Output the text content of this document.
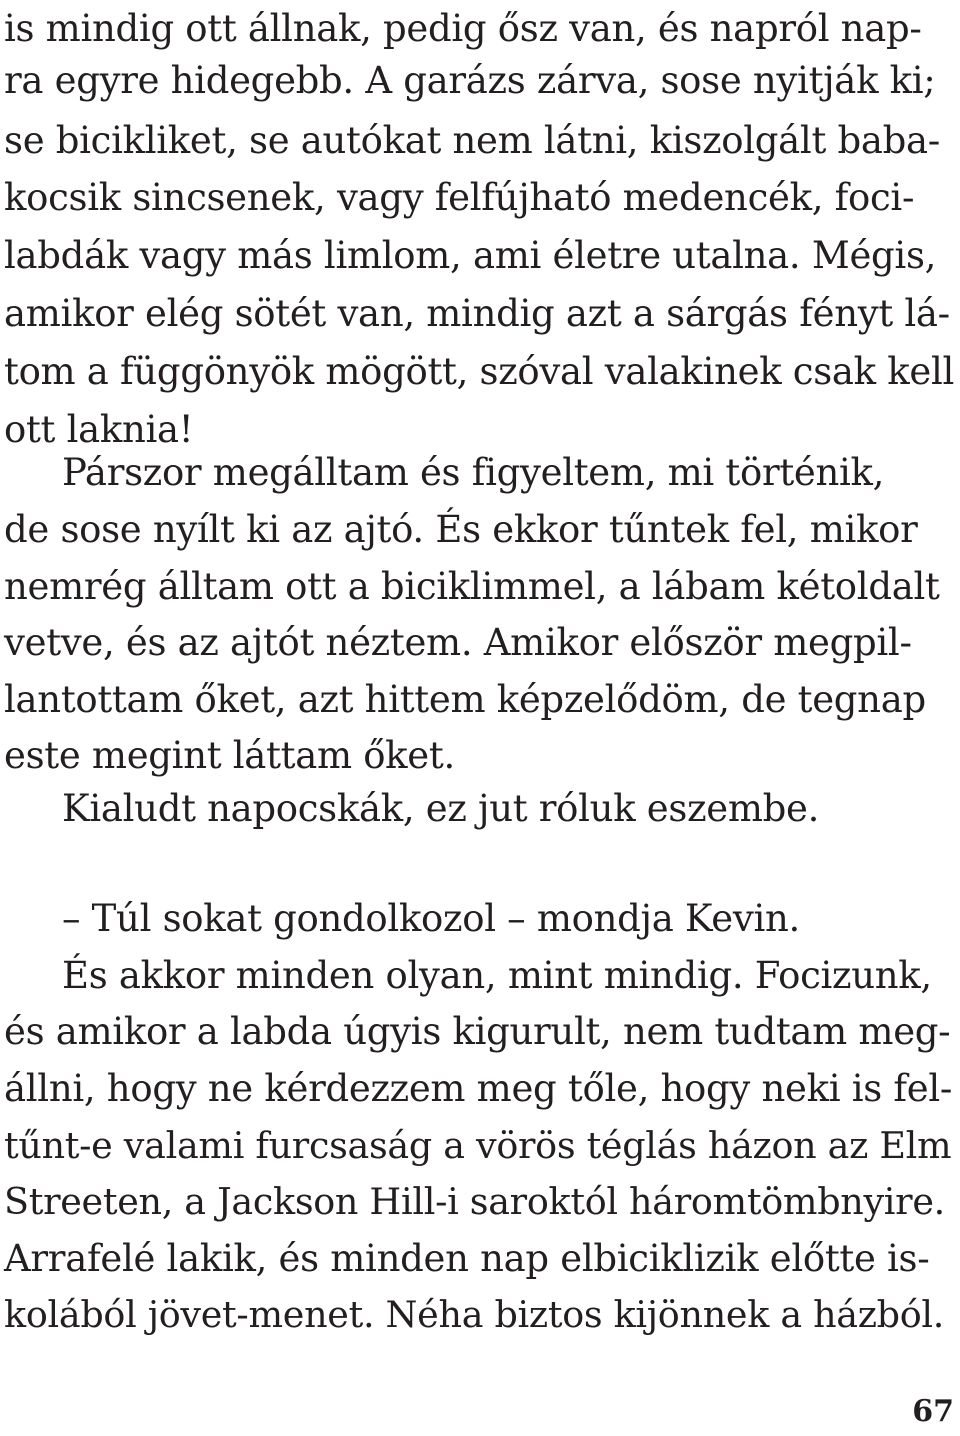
is mindig ott állnak, pedig ősz van, és napról nap-
ra egyre hidegebb. A garázs zárva, sose nyitják ki;
se bicikliket, se autókat nem látni, kiszolgált baba-
kocsik sincsenek, vagy felfújható medencék, foci-
labdák vagy más limlom, ami életre utalna. Mégis,
amikor elég sötét van, mindig azt a sárgás fényt lá-
tom a függönyök mögött, szóval valakinek csak kell
ott laknia!
Párszor megálltam és figyeltem, mi történik,
de sose nyílt ki az ajtó. És ekkor tűntek fel, mikor
nemrég álltam ott a biciklimmel, a lábam kétoldalt
vetve, és az ajtót néztem. Amikor először megpil-
lantottam őket, azt hittem képzelődöm, de tegnap
este megint láttam őket.
Kialudt napocskák, ez jut róluk eszembe.
– Túl sokat gondolkozol – mondja Kevin.
És akkor minden olyan, mint mindig. Focizunk,
és amikor a labda úgyis kigurult, nem tudtam meg-
állni, hogy ne kérdezzem meg tőle, hogy neki is fel-
tűnt-e valami furcsaság a vörös téglás házon az Elm
Streeten, a Jackson Hill-i saroktól háromtömbnyire.
Arrafelé lakik, és minden nap elbiciklizik előtte is-
kolából jövet-menet. Néha biztos kijönnek a házból.
67
